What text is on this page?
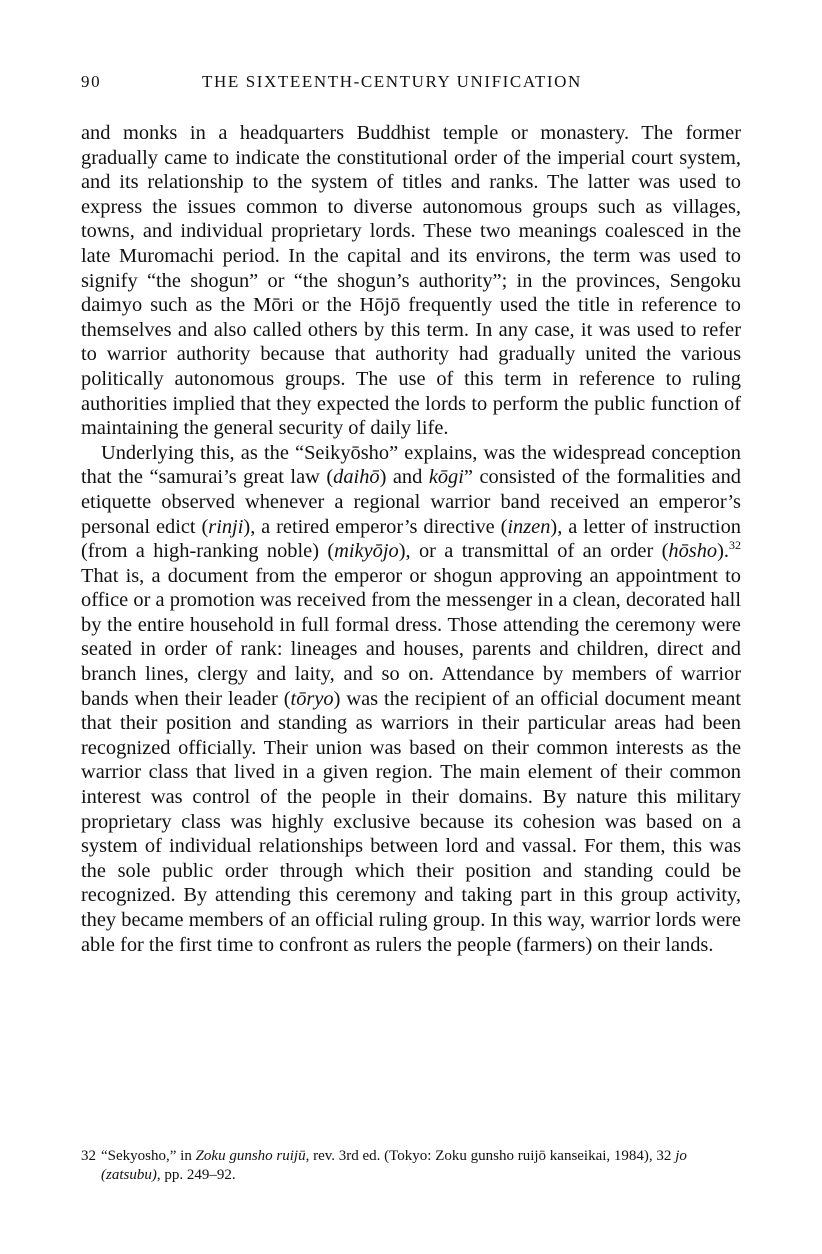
90	THE SIXTEENTH-CENTURY UNIFICATION

and monks in a headquarters Buddhist temple or monastery. The former gradually came to indicate the constitutional order of the imperial court system, and its relationship to the system of titles and ranks. The latter was used to express the issues common to diverse autonomous groups such as villages, towns, and individual proprietary lords. These two meanings coalesced in the late Muromachi period. In the capital and its environs, the term was used to signify “the shogun” or “the shogun’s authority”; in the provinces, Sengoku daimyo such as the Mōri or the Hōjō frequently used the title in reference to themselves and also called others by this term. In any case, it was used to refer to warrior authority because that authority had gradually united the various politically autonomous groups. The use of this term in reference to ruling authorities implied that they expected the lords to perform the public function of maintaining the general security of daily life.

Underlying this, as the “Seikyōsho” explains, was the widespread conception that the “samurai’s great law (daihō) and kōgi” consisted of the formalities and etiquette observed whenever a regional warrior band received an emperor’s personal edict (rinji), a retired emperor’s directive (inzen), a letter of instruction (from a high-ranking noble) (mikyōjo), or a transmittal of an order (hōsho).$^{32}$ That is, a document from the emperor or shogun approving an appointment to office or a promotion was received from the messenger in a clean, decorated hall by the entire household in full formal dress. Those attending the ceremony were seated in order of rank: lineages and houses, parents and children, direct and branch lines, clergy and laity, and so on. Attendance by members of warrior bands when their leader (tōryo) was the recipient of an official document meant that their position and standing as warriors in their particular areas had been recognized officially. Their union was based on their common interests as the warrior class that lived in a given region. The main element of their common interest was control of the people in their domains. By nature this military proprietary class was highly exclusive because its cohesion was based on a system of individual relationships between lord and vassal. For them, this was the sole public order through which their position and standing could be recognized. By attending this ceremony and taking part in this group activity, they became members of an official ruling group. In this way, warrior lords were able for the first time to confront as rulers the people (farmers) on their lands.

32 “Sekyosho,” in Zoku gunsho ruijū, rev. 3rd ed. (Tokyo: Zoku gunsho ruijō kanseikai, 1984), 32 jo (zatsubu), pp. 249–92.
